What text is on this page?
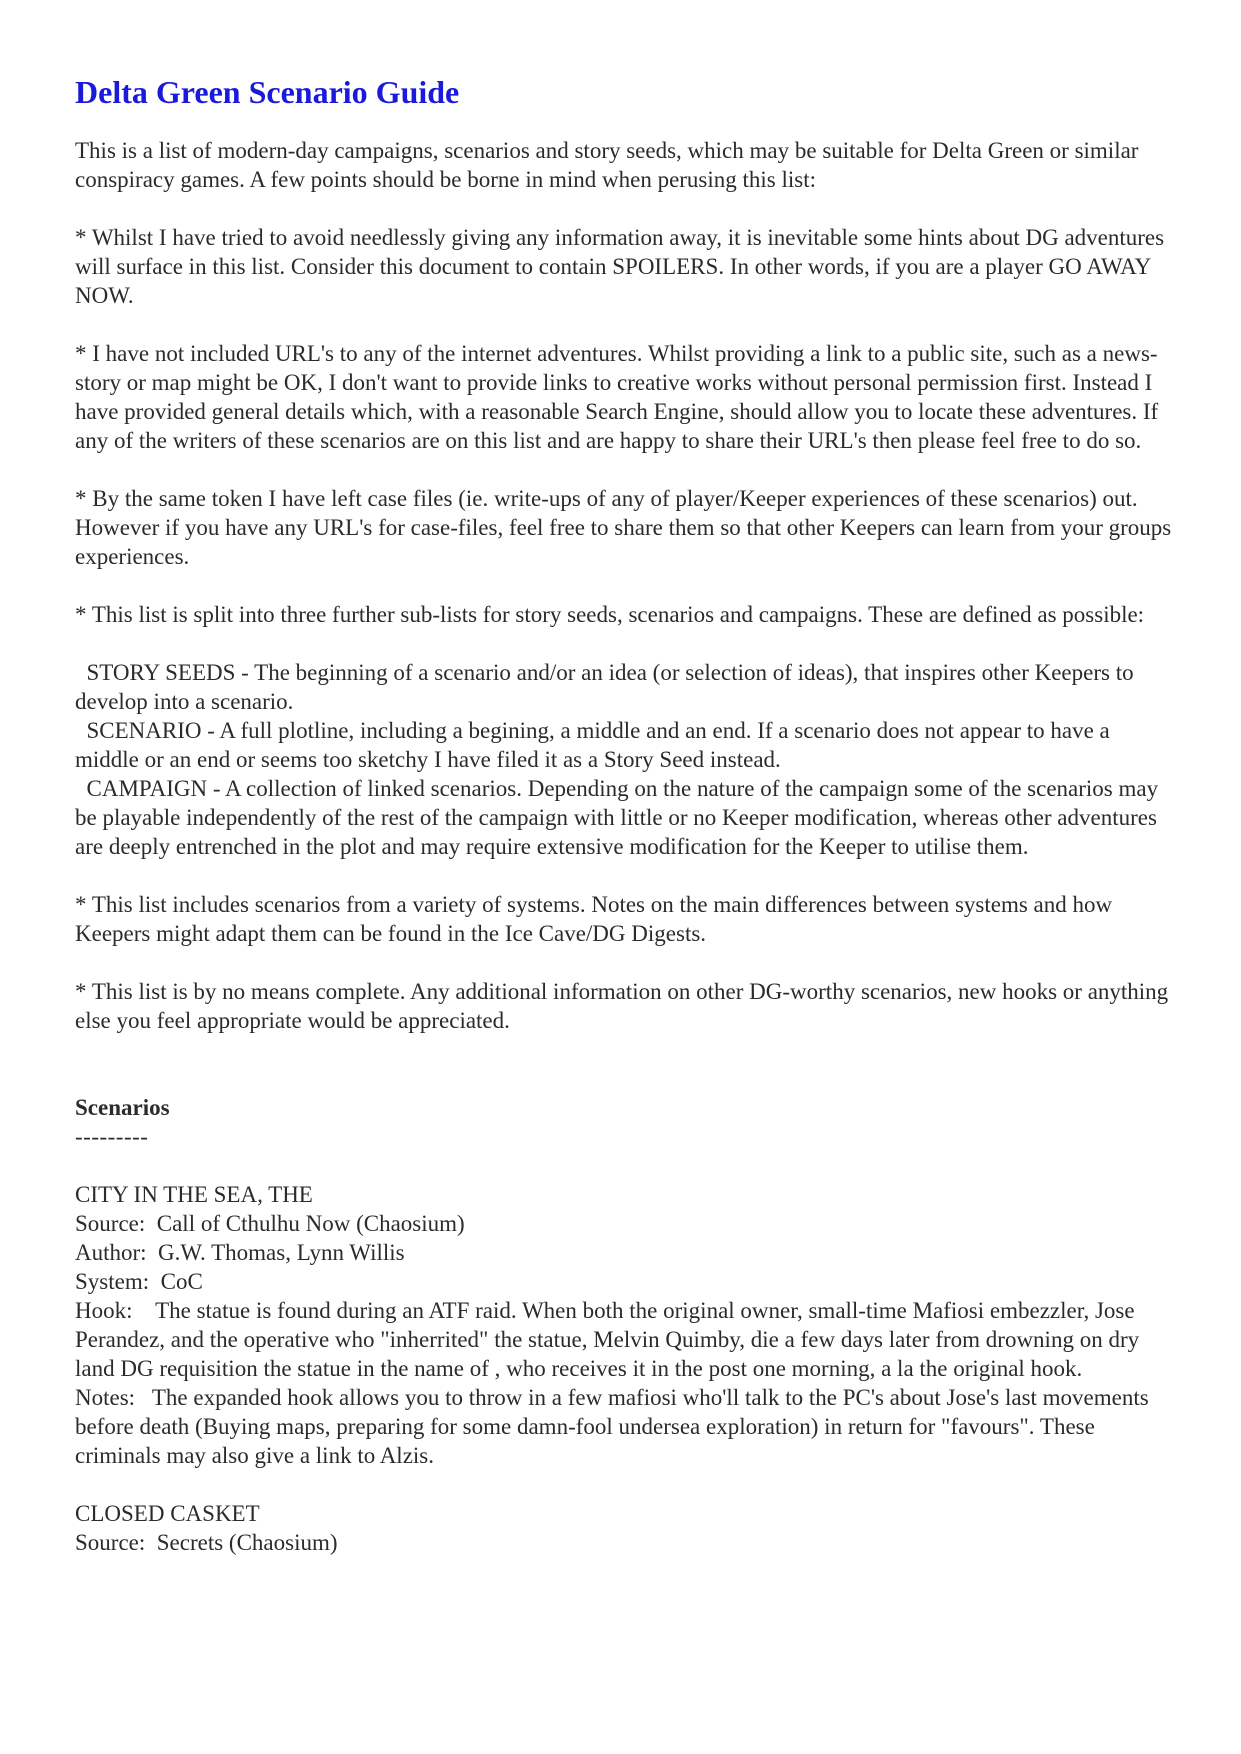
Delta Green Scenario Guide

This is a list of modern-day campaigns, scenarios and story seeds, which may be suitable for Delta Green or similar conspiracy games. A few points should be borne in mind when perusing this list:

* Whilst I have tried to avoid needlessly giving any information away, it is inevitable some hints about DG adventures will surface in this list. Consider this document to contain SPOILERS. In other words, if you are a player GO AWAY NOW.

* I have not included URL's to any of the internet adventures. Whilst providing a link to a public site, such as a news-story or map might be OK, I don't want to provide links to creative works without personal permission first. Instead I have provided general details which, with a reasonable Search Engine, should allow you to locate these adventures. If any of the writers of these scenarios are on this list and are happy to share their URL's then please feel free to do so.

* By the same token I have left case files (ie. write-ups of any of player/Keeper experiences of these scenarios) out. However if you have any URL's for case-files, feel free to share them so that other Keepers can learn from your groups experiences.

* This list is split into three further sub-lists for story seeds, scenarios and campaigns. These are defined as possible:

STORY SEEDS - The beginning of a scenario and/or an idea (or selection of ideas), that inspires other Keepers to develop into a scenario.

SCENARIO - A full plotline, including a begining, a middle and an end. If a scenario does not appear to have a middle or an end or seems too sketchy I have filed it as a Story Seed instead.

CAMPAIGN - A collection of linked scenarios. Depending on the nature of the campaign some of the scenarios may be playable independently of the rest of the campaign with little or no Keeper modification, whereas other adventures are deeply entrenched in the plot and may require extensive modification for the Keeper to utilise them.

* This list includes scenarios from a variety of systems. Notes on the main differences between systems and how Keepers might adapt them can be found in the Ice Cave/DG Digests.

* This list is by no means complete. Any additional information on other DG-worthy scenarios, new hooks or anything else you feel appropriate would be appreciated.

Scenarios

---------

CITY IN THE SEA, THE

Source:  Call of Cthulhu Now (Chaosium)

Author:  G.W. Thomas, Lynn Willis

System:  CoC

Hook:    The statue is found during an ATF raid. When both the original owner, small-time Mafiosi embezzler, Jose Perandez, and the operative who "inherrited" the statue, Melvin Quimby, die a few days later from drowning on dry land DG requisition the statue in the name of , who receives it in the post one morning, a la the original hook.

Notes:   The expanded hook allows you to throw in a few mafiosi who'll talk to the PC's about Jose's last movements before death (Buying maps, preparing for some damn-fool undersea exploration) in return for "favours". These criminals may also give a link to Alzis.

CLOSED CASKET

Source:  Secrets (Chaosium)
